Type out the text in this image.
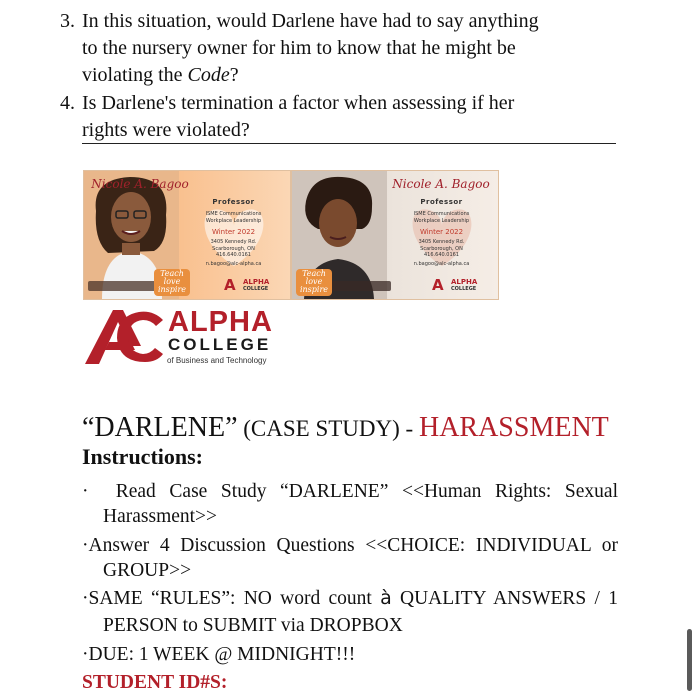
3. In this situation, would Darlene have had to say anything
to the nursery owner for him to know that he might be
violating the Code?
4. Is Darlene's termination a factor when assessing if her
rights were violated?
Nicole A. Bagoo
Professor
ISME Communications
Workplace Leadership
Winter 2022
3405 Kennedy Rd.
Scarborough, ON
416.640.0161
n.bagoo@alc-alpha.ca
Teach
love
inspire	A ALPHA
COLLEGE
Nicole A. Bagoo
Professor
ISME Communications
Workplace Leadership
Winter 2022
3405 Kennedy Rd.
Scarborough, ON
416.640.0161
n.bagoo@alc-alpha.ca
Teach
love
inspire	A ALPHA
COLLEGE
ALPHA
COLLEGE
of Business and Technology
“DARLENE” (CASE STUDY) - HARASSMENT
Instructions:
· Read Case Study “DARLENE” <<Human Rights: Sexual
Harassment>>
·Answer 4 Discussion Questions <<CHOICE: INDIVIDUAL or
GROUP>>
·SAME “RULES”: NO word count à QUALITY ANSWERS / 1
PERSON to SUBMIT via DROPBOX
·DUE: 1 WEEK @ MIDNIGHT!!!
STUDENT ID#S:
